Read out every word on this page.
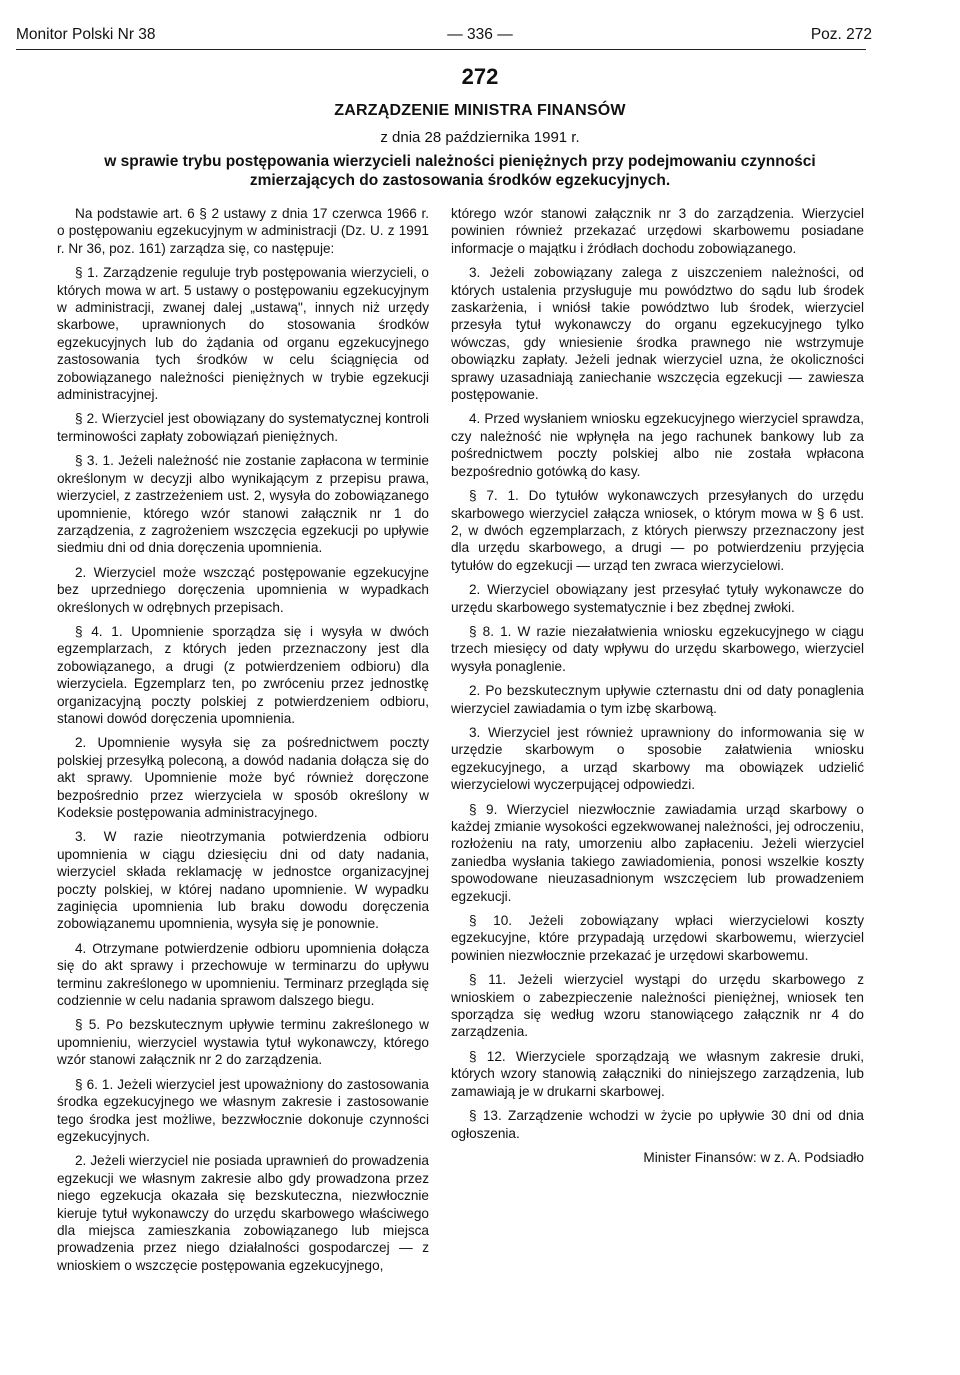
Monitor Polski Nr 38	— 336 —	Poz. 272
272
ZARZĄDZENIE MINISTRA FINANSÓW
z dnia 28 października 1991 r.
w sprawie trybu postępowania wierzycieli należności pieniężnych przy podejmowaniu czynności zmierzających do zastosowania środków egzekucyjnych.

Na podstawie art. 6 § 2 ustawy z dnia 17 czerwca 1966 r. o postępowaniu egzekucyjnym w administracji (Dz. U. z 1991 r. Nr 36, poz. 161) zarządza się, co następuje:

§ 1. Zarządzenie reguluje tryb postępowania wierzycieli, o których mowa w art. 5 ustawy o postępowaniu egzekucyjnym w administracji, zwanej dalej „ustawą", innych niż urzędy skarbowe, uprawnionych do stosowania środków egzekucyjnych lub do żądania od organu egzekucyjnego zastosowania tych środków w celu ściągnięcia od zobowiązanego należności pieniężnych w trybie egzekucji administracyjnej.

§ 2. Wierzyciel jest obowiązany do systematycznej kontroli terminowości zapłaty zobowiązań pieniężnych.

§ 3. 1. Jeżeli należność nie zostanie zapłacona w terminie określonym w decyzji albo wynikającym z przepisu prawa, wierzyciel, z zastrzeżeniem ust. 2, wysyła do zobowiązanego upomnienie, którego wzór stanowi załącznik nr 1 do zarządzenia, z zagrożeniem wszczęcia egzekucji po upływie siedmiu dni od dnia doręczenia upomnienia.

2. Wierzyciel może wszcząć postępowanie egzekucyjne bez uprzedniego doręczenia upomnienia w wypadkach określonych w odrębnych przepisach.

§ 4. 1. Upomnienie sporządza się i wysyła w dwóch egzemplarzach, z których jeden przeznaczony jest dla zobowiązanego, a drugi (z potwierdzeniem odbioru) dla wierzyciela. Egzemplarz ten, po zwróceniu przez jednostkę organizacyjną poczty polskiej z potwierdzeniem odbioru, stanowi dowód doręczenia upomnienia.

2. Upomnienie wysyła się za pośrednictwem poczty polskiej przesyłką poleconą, a dowód nadania dołącza się do akt sprawy. Upomnienie może być również doręczone bezpośrednio przez wierzyciela w sposób określony w Kodeksie postępowania administracyjnego.

3. W razie nieotrzymania potwierdzenia odbioru upomnienia w ciągu dziesięciu dni od daty nadania, wierzyciel składa reklamację w jednostce organizacyjnej poczty polskiej, w której nadano upomnienie. W wypadku zaginięcia upomnienia lub braku dowodu doręczenia zobowiązanemu upomnienia, wysyła się je ponownie.

4. Otrzymane potwierdzenie odbioru upomnienia dołącza się do akt sprawy i przechowuje w terminarzu do upływu terminu zakreślonego w upomnieniu. Terminarz przegląda się codziennie w celu nadania sprawom dalszego biegu.

§ 5. Po bezskutecznym upływie terminu zakreślonego w upomnieniu, wierzyciel wystawia tytuł wykonawczy, którego wzór stanowi załącznik nr 2 do zarządzenia.

§ 6. 1. Jeżeli wierzyciel jest upoważniony do zastosowania środka egzekucyjnego we własnym zakresie i zastosowanie tego środka jest możliwe, bezzwłocznie dokonuje czynności egzekucyjnych.

2. Jeżeli wierzyciel nie posiada uprawnień do prowadzenia egzekucji we własnym zakresie albo gdy prowadzona przez niego egzekucja okazała się bezskuteczna, niezwłocznie kieruje tytuł wykonawczy do urzędu skarbowego właściwego dla miejsca zamieszkania zobowiązanego lub miejsca prowadzenia przez niego działalności gospodarczej — z wnioskiem o wszczęcie postępowania egzekucyjnego,

którego wzór stanowi załącznik nr 3 do zarządzenia. Wierzyciel powinien również przekazać urzędowi skarbowemu posiadane informacje o majątku i źródłach dochodu zobowiązanego.

3. Jeżeli zobowiązany zalega z uiszczeniem należności, od których ustalenia przysługuje mu powództwo do sądu lub środek zaskarżenia, i wniósł takie powództwo lub środek, wierzyciel przesyła tytuł wykonawczy do organu egzekucyjnego tylko wówczas, gdy wniesienie środka prawnego nie wstrzymuje obowiązku zapłaty. Jeżeli jednak wierzyciel uzna, że okoliczności sprawy uzasadniają zaniechanie wszczęcia egzekucji — zawiesza postępowanie.

4. Przed wysłaniem wniosku egzekucyjnego wierzyciel sprawdza, czy należność nie wpłynęła na jego rachunek bankowy lub za pośrednictwem poczty polskiej albo nie została wpłacona bezpośrednio gotówką do kasy.

§ 7. 1. Do tytułów wykonawczych przesyłanych do urzędu skarbowego wierzyciel załącza wniosek, o którym mowa w § 6 ust. 2, w dwóch egzemplarzach, z których pierwszy przeznaczony jest dla urzędu skarbowego, a drugi — po potwierdzeniu przyjęcia tytułów do egzekucji — urząd ten zwraca wierzycielowi.

2. Wierzyciel obowiązany jest przesyłać tytuły wykonawcze do urzędu skarbowego systematycznie i bez zbędnej zwłoki.

§ 8. 1. W razie niezałatwienia wniosku egzekucyjnego w ciągu trzech miesięcy od daty wpływu do urzędu skarbowego, wierzyciel wysyła ponaglenie.

2. Po bezskutecznym upływie czternastu dni od daty ponaglenia wierzyciel zawiadamia o tym izbę skarbową.

3. Wierzyciel jest również uprawniony do informowania się w urzędzie skarbowym o sposobie załatwienia wniosku egzekucyjnego, a urząd skarbowy ma obowiązek udzielić wierzycielowi wyczerpującej odpowiedzi.

§ 9. Wierzyciel niezwłocznie zawiadamia urząd skarbowy o każdej zmianie wysokości egzekwowanej należności, jej odroczeniu, rozłożeniu na raty, umorzeniu albo zapłaceniu. Jeżeli wierzyciel zaniedba wysłania takiego zawiadomienia, ponosi wszelkie koszty spowodowane nieuzasadnionym wszczęciem lub prowadzeniem egzekucji.

§ 10. Jeżeli zobowiązany wpłaci wierzycielowi koszty egzekucyjne, które przypadają urzędowi skarbowemu, wierzyciel powinien niezwłocznie przekazać je urzędowi skarbowemu.

§ 11. Jeżeli wierzyciel wystąpi do urzędu skarbowego z wnioskiem o zabezpieczenie należności pieniężnej, wniosek ten sporządza się według wzoru stanowiącego załącznik nr 4 do zarządzenia.

§ 12. Wierzyciele sporządzają we własnym zakresie druki, których wzory stanowią załączniki do niniejszego zarządzenia, lub zamawiają je w drukarni skarbowej.

§ 13. Zarządzenie wchodzi w życie po upływie 30 dni od dnia ogłoszenia.

Minister Finansów: w z. A. Podsiadło
